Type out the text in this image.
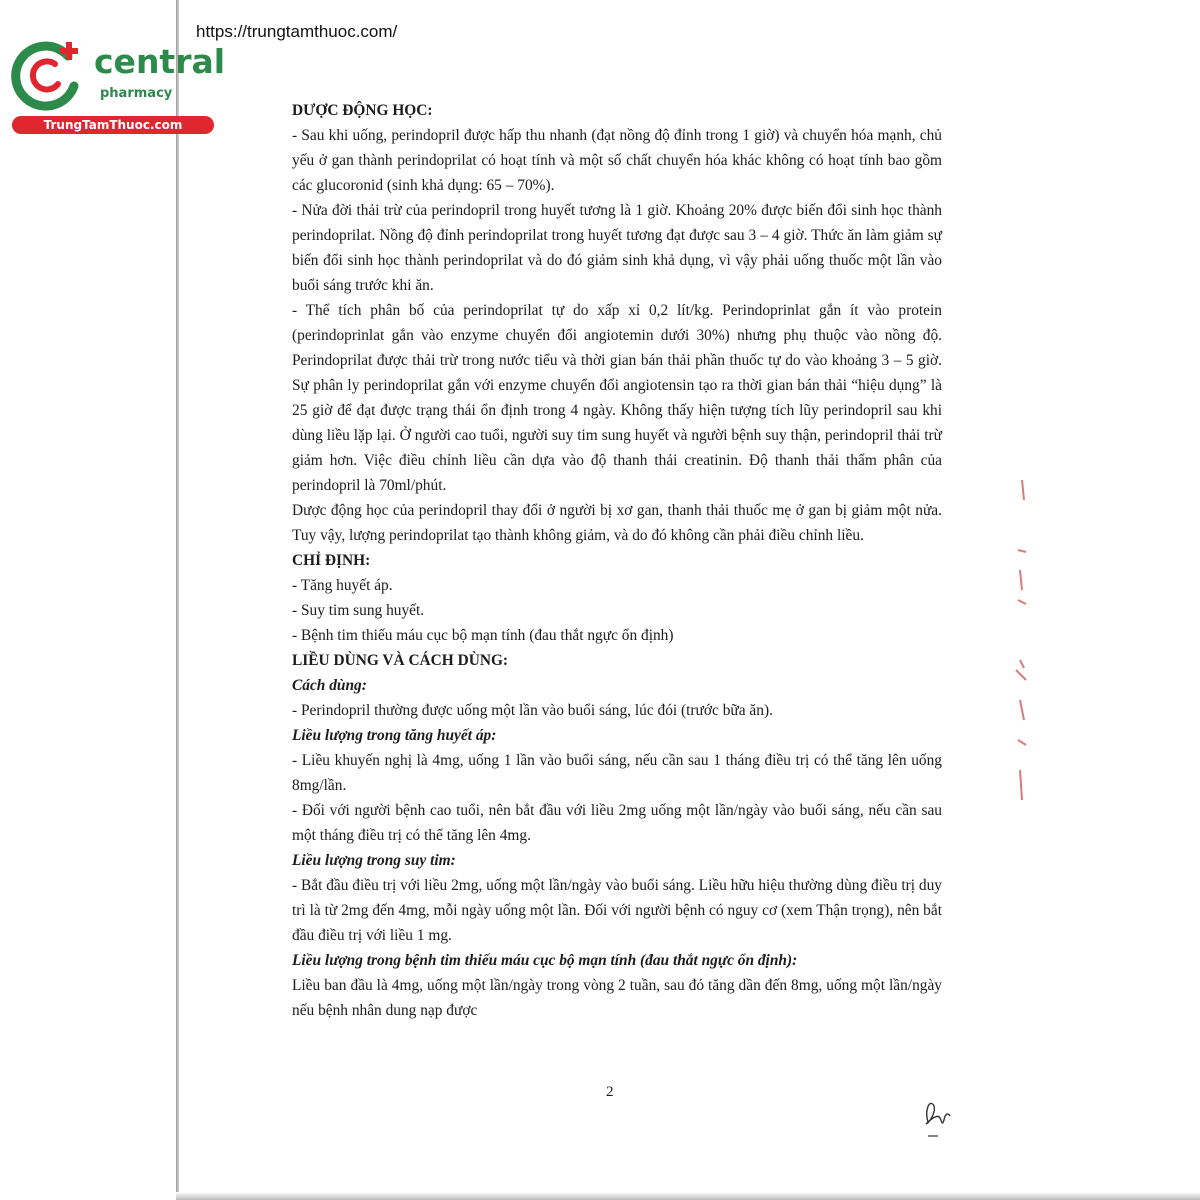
https://trungtamthuoc.com/
central
pharmacy
TrungTamThuoc.com

DƯỢC ĐỘNG HỌC:

- Sau khi uống, perindopril được hấp thu nhanh (đạt nồng độ đỉnh trong 1 giờ) và chuyển hóa mạnh, chủ yếu ở gan thành perindoprilat có hoạt tính và một số chất chuyển hóa khác không có hoạt tính bao gồm các glucoronid (sinh khả dụng: 65 – 70%).

- Nửa đời thải trừ của perindopril trong huyết tương là 1 giờ. Khoảng 20% được biến đổi sinh học thành perindoprilat. Nồng độ đỉnh perindoprilat trong huyết tương đạt được sau 3 – 4 giờ. Thức ăn làm giảm sự biến đổi sinh học thành perindoprilat và do đó giảm sinh khả dụng, vì vậy phải uống thuốc một lần vào buổi sáng trước khi ăn.

- Thể tích phân bố của perindoprilat tự do xấp xỉ 0,2 lít/kg. Perindoprinlat gắn ít vào protein (perindoprinlat gắn vào enzyme chuyển đổi angiotemin dưới 30%) nhưng phụ thuộc vào nồng độ. Perindoprilat được thải trừ trong nước tiểu và thời gian bán thải phần thuốc tự do vào khoảng 3 – 5 giờ. Sự phân ly perindoprilat gắn với enzyme chuyển đổi angiotensin tạo ra thời gian bán thải “hiệu dụng” là 25 giờ để đạt được trạng thái ổn định trong 4 ngày. Không thấy hiện tượng tích lũy perindopril sau khi dùng liều lặp lại. Ở người cao tuổi, người suy tim sung huyết và người bệnh suy thận, perindopril thải trừ giảm hơn. Việc điều chỉnh liều cần dựa vào độ thanh thải creatinin. Độ thanh thải thẩm phân của perindopril là 70ml/phút.

Dược động học của perindopril thay đổi ở người bị xơ gan, thanh thải thuốc mẹ ở gan bị giảm một nửa. Tuy vậy, lượng perindoprilat tạo thành không giảm, và do đó không cần phải điều chỉnh liều.

CHỈ ĐỊNH:

- Tăng huyết áp.

- Suy tim sung huyết.

- Bệnh tim thiếu máu cục bộ mạn tính (đau thắt ngực ổn định)

LIỀU DÙNG VÀ CÁCH DÙNG:

Cách dùng:

- Perindopril thường được uống một lần vào buổi sáng, lúc đói (trước bữa ăn).

Liều lượng trong tăng huyết áp:

- Liều khuyến nghị là 4mg, uống 1 lần vào buổi sáng, nếu cần sau 1 tháng điều trị có thể tăng lên uống 8mg/lần.

- Đối với người bệnh cao tuổi, nên bắt đầu với liều 2mg uống một lần/ngày vào buổi sáng, nếu cần sau một tháng điều trị có thể tăng lên 4mg.

Liều lượng trong suy tim:

- Bắt đầu điều trị với liều 2mg, uống một lần/ngày vào buổi sáng. Liều hữu hiệu thường dùng điều trị duy trì là từ 2mg đến 4mg, mỗi ngày uống một lần. Đối với người bệnh có nguy cơ (xem Thận trọng), nên bắt đầu điều trị với liều 1 mg.

Liều lượng trong bệnh tim thiếu máu cục bộ mạn tính (đau thắt ngực ổn định):

Liều ban đầu là 4mg, uống một lần/ngày trong vòng 2 tuần, sau đó tăng dần đến 8mg, uống một lần/ngày nếu bệnh nhân dung nạp được

2
